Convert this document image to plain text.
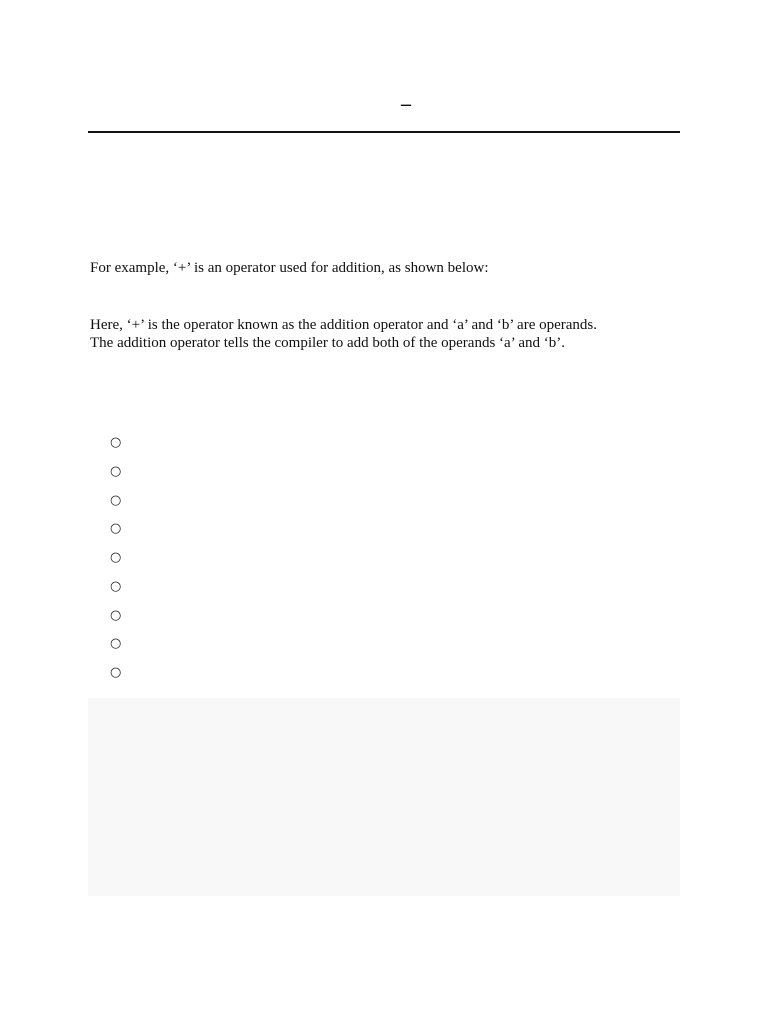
–

For example, ‘+’ is an operator used for addition, as shown below:

Here, ‘+’ is the operator known as the addition operator and ‘a’ and ‘b’ are operands.

The addition operator tells the compiler to add both of the operands ‘a’ and ‘b’.

○
○
○
○
○
○
○
○
○
